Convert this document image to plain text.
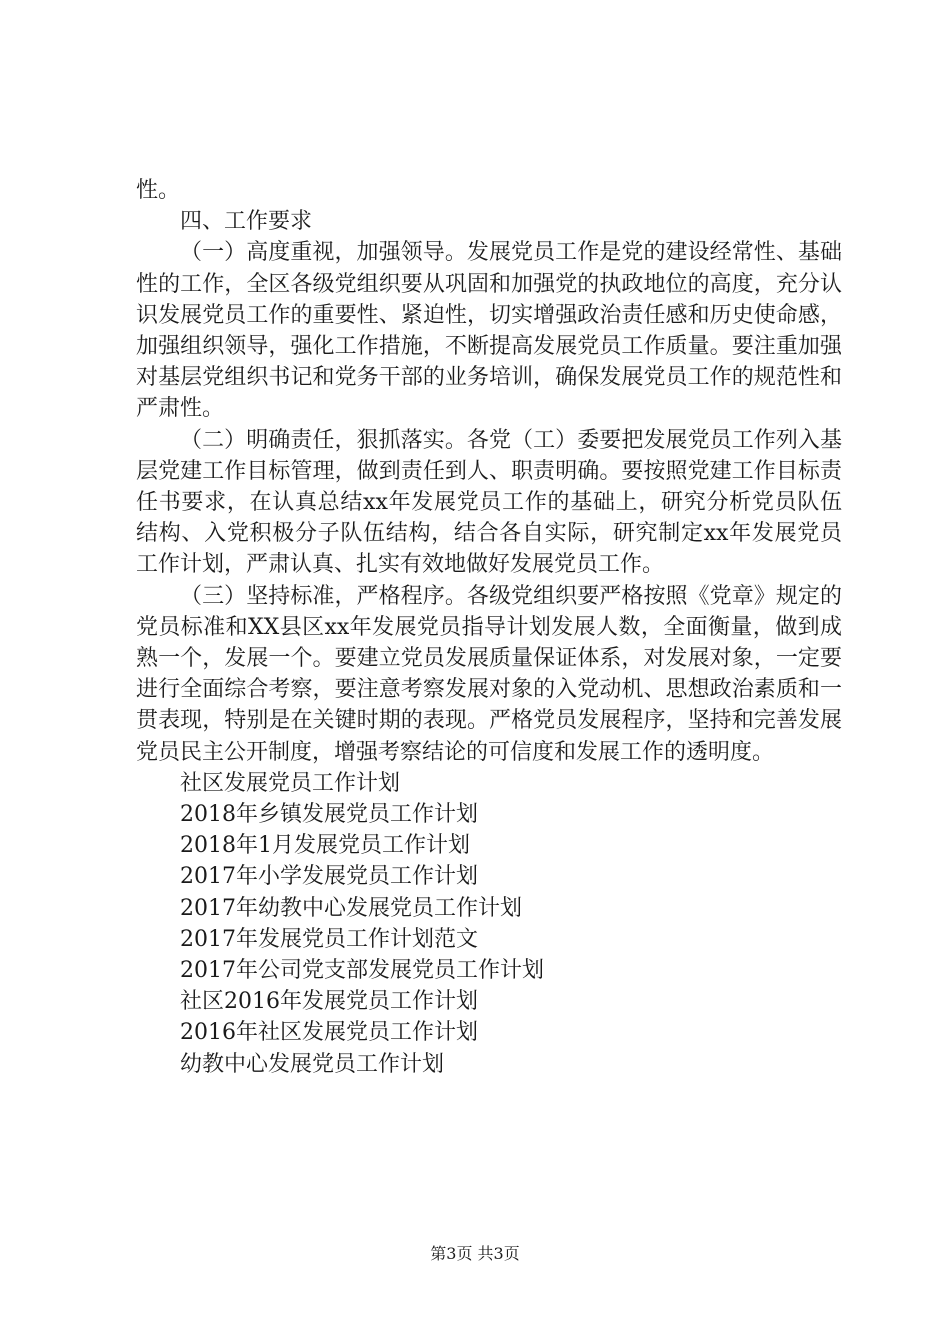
性。

四、工作要求

（一）高度重视，加强领导。发展党员工作是党的建设经常性、基础性的工作，全区各级党组织要从巩固和加强党的执政地位的高度，充分认识发展党员工作的重要性、紧迫性，切实增强政治责任感和历史使命感，加强组织领导，强化工作措施，不断提高发展党员工作质量。要注重加强对基层党组织书记和党务干部的业务培训，确保发展党员工作的规范性和严肃性。

（二）明确责任，狠抓落实。各党（工）委要把发展党员工作列入基层党建工作目标管理，做到责任到人、职责明确。要按照党建工作目标责任书要求，在认真总结xx年发展党员工作的基础上，研究分析党员队伍结构、入党积极分子队伍结构，结合各自实际，研究制定xx年发展党员工作计划，严肃认真、扎实有效地做好发展党员工作。

（三）坚持标准，严格程序。各级党组织要严格按照《党章》规定的党员标准和XX县区xx年发展党员指导计划发展人数，全面衡量，做到成熟一个，发展一个。要建立党员发展质量保证体系，对发展对象，一定要进行全面综合考察，要注意考察发展对象的入党动机、思想政治素质和一贯表现，特别是在关键时期的表现。严格党员发展程序，坚持和完善发展党员民主公开制度，增强考察结论的可信度和发展工作的透明度。

社区发展党员工作计划
2018年乡镇发展党员工作计划
2018年1月发展党员工作计划
2017年小学发展党员工作计划
2017年幼教中心发展党员工作计划
2017年发展党员工作计划范文
2017年公司党支部发展党员工作计划
社区2016年发展党员工作计划
2016年社区发展党员工作计划
幼教中心发展党员工作计划
第3页 共3页
